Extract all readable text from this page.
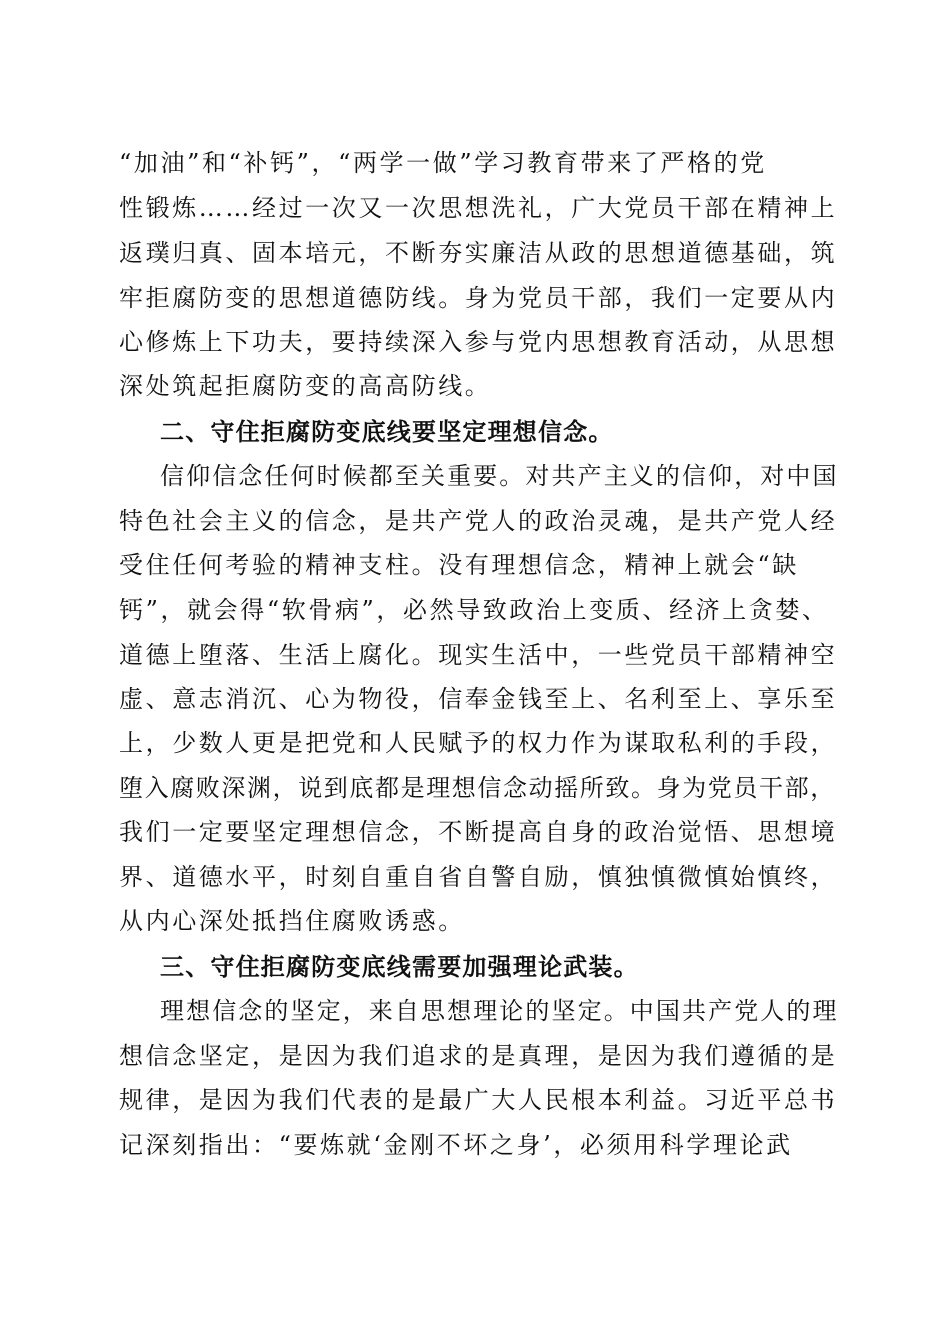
“加油”和“补钙”，“两学一做”学习教育带来了严格的党
性锻炼……经过一次又一次思想洗礼，广大党员干部在精神上
返璞归真、固本培元，不断夯实廉洁从政的思想道德基础，筑
牢拒腐防变的思想道德防线。身为党员干部，我们一定要从内
心修炼上下功夫，要持续深入参与党内思想教育活动，从思想
深处筑起拒腐防变的高高防线。
二、守住拒腐防变底线要坚定理想信念。
信仰信念任何时候都至关重要。对共产主义的信仰，对中国
特色社会主义的信念，是共产党人的政治灵魂，是共产党人经
受住任何考验的精神支柱。没有理想信念，精神上就会“缺
钙”，就会得“软骨病”，必然导致政治上变质、经济上贪婪、
道德上堕落、生活上腐化。现实生活中，一些党员干部精神空
虚、意志消沉、心为物役，信奉金钱至上、名利至上、享乐至
上，少数人更是把党和人民赋予的权力作为谋取私利的手段，
堕入腐败深渊，说到底都是理想信念动摇所致。身为党员干部，
我们一定要坚定理想信念，不断提高自身的政治觉悟、思想境
界、道德水平，时刻自重自省自警自励，慎独慎微慎始慎终，
从内心深处抵挡住腐败诱惑。
三、守住拒腐防变底线需要加强理论武装。
理想信念的坚定，来自思想理论的坚定。中国共产党人的理
想信念坚定，是因为我们追求的是真理，是因为我们遵循的是
规律，是因为我们代表的是最广大人民根本利益。习近平总书
记深刻指出：“要炼就‘金刚不坏之身’，必须用科学理论武
